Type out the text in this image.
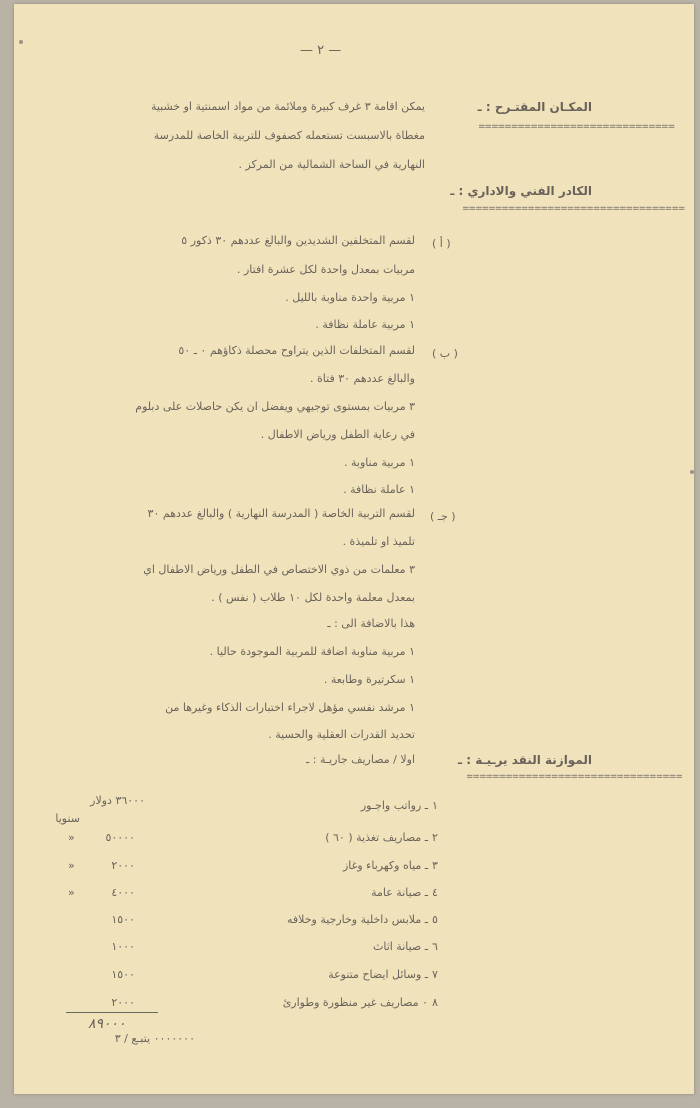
— ٢ —
المكـان المقتـرح : ـ
==============================
يمكن اقامة ٣ غرف كبيرة وملائمة من مواد اسمنتية او خشبية
مغطاة بالاسبست تستعمله كصفوف للتربية الخاصة للمدرسة
النهارية في الساحة الشمالية من المركز .
الكادر الفني والاداري : ـ
==================================
( أ )
لقسم المتخلفين الشديدين والبالغ عددهم ٣٠ ذكور ٥
مربيات بمعدل واحدة لكل عشرة افتار .
١ مربية واحدة مناوبة بالليل .
١ مربية عاملة نظافة .
( ب )
لقسم المتخلفات الذين يتراوح محصلة ذكاؤهم ٠ ـ ٥٠
والبالغ عددهم ٣٠ فتاة .
٣ مربيات بمستوى توجيهي ويفضل ان يكن حاصلات على دبلوم
في رعاية الطفل ورياض الاطفال .
١ مربية مناوبة .
١ عاملة نظافة .
( جـ )
لقسم التربية الخاصة ( المدرسة النهارية ) والبالغ عددهم ٣٠
تلميذ او تلميذة .
٣ معلمات من ذوي الاختصاص في الطفل ورياض الاطفال اي
بمعدل معلمة واحدة لكل ١٠ طلاب ( نفس ) .
هذا بالاضافة الى : ـ
١ مربية مناوبة اضافة للمربية الموجودة حاليا .
١ سكرتيرة وطابعة .
١ مرشد نفسي مؤهل لاجراء اختبارات الذكاء وغيرها من
تحديد القدرات العقلية والحسية .
الموازنة النقد يرـيـة : ـ
=================================
اولا / مصاريف جاريـة : ـ
١
ـ رواتب واجـور
٣٦٠٠٠ دولار
سنويا
٢
ـ مصاريف تغذية ( ٦٠ )
٥٠٠٠٠
«
٣
ـ مياه وكهرباء وغاز
٢٠٠٠
«
٤
ـ صيانة عامة
٤٠٠٠
«
٥
ـ ملابس داخلية وخارجية وخلافه
١٥٠٠
٦
ـ صيانة اثاث
١٠٠٠
٧
ـ وسائل ايضاح متنوعة
١٥٠٠
٨
٠ مصاريف غير منظورة وطوارئ
٢٠٠٠
٨٩٠٠٠
٠٠٠٠٠٠٠ يتبـع / ٣
